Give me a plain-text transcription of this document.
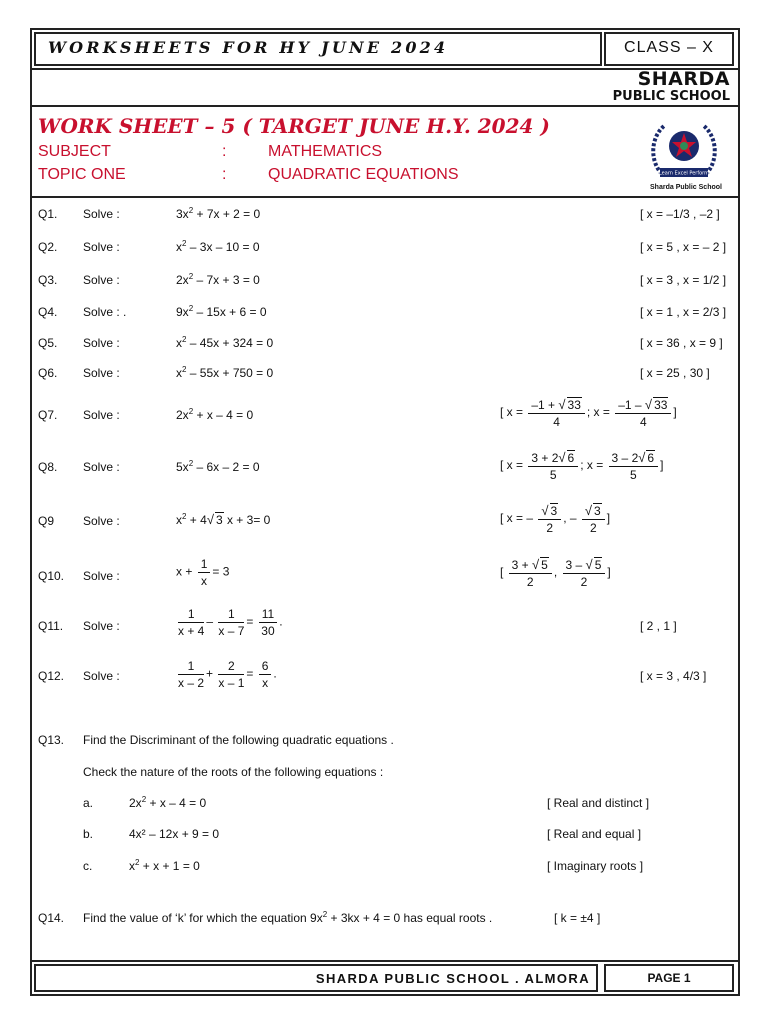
WORKSHEETS FOR HY JUNE 2024	CLASS – X
SHARDA
PUBLIC SCHOOL
WORK SHEET – 5 ( TARGET JUNE H.Y. 2024 )
SUBJECT	:	MATHEMATICS
TOPIC ONE	:	QUADRATIC EQUATIONS	Learn Excel Perform
Sharda Public School
Q1. Solve :	$3x^2 + 7x + 2 = 0$	[ x = –1/3 , –2 ]
Q2. Solve :	$x^2 - 3x - 10 = 0$	[ x = 5 , x = – 2 ]
Q3. Solve :	$2x^2 - 7x + 3 = 0$	[ x = 3 , x = 1/2 ]
Q4. Solve : .	$9x^2 - 15x + 6 = 0$	[ x = 1 , x = 2/3 ]
Q5. Solve :	$x^2 - 45x + 324 = 0$	[ x = 36 , x = 9 ]
Q6. Solve :	$x^2 - 55x + 750 = 0$	[ x = 25 , 30 ]
Q7. Solve :	$2x^2 + x - 4 = 0$	[ $x = \frac{-1 + √ 33}{4}$ ; $x = \frac{-1 - √ 33}{4}$ ]
Q8. Solve :	$5x^2 - 6x - 2 = 0$	[ $x = \frac{3 + 2√ 6}{5}$ ; $x = \frac{3 - 2√ 6}{5}$ ]
Q9 Solve :	$x^2 + 4√$ 3 x + 3= 0	[ x = – $\frac{√ 3}{2}$ , – $\frac{√ 3}{2}$ ]
Q10. Solve :	$x + \frac{1}{x} = 3$	[ $\frac{3 + √ 5}{2}$ , $\frac{3 - √ 5}{2}$ ]
Q11. Solve :	$\frac{1}{x + 4} - \frac{1}{x - 7} = \frac{11}{30}$ .	[ 2 , 1 ]
Q12. Solve :	$\frac{1}{x - 2} + \frac{2}{x - 1} = \frac{6}{x}$ .	[ x = 3 , 4/3 ]
Q13. Find the Discriminant of the following quadratic equations .
Check the nature of the roots of the following equations :
a.	$2x^2 + x - 4 = 0$	[ Real and distinct ]
b.	4x² – 12x + 9 = 0	[ Real and equal ]
c.	$x^2 + x + 1 = 0$	[ Imaginary roots ]
Q14. Find the value of ‘k’ for which the equation $9x^2 + 3kx + 4 = 0$ has equal roots .	[ k = ±4 ]
SHARDA PUBLIC SCHOOL . ALMORA	PAGE 1
